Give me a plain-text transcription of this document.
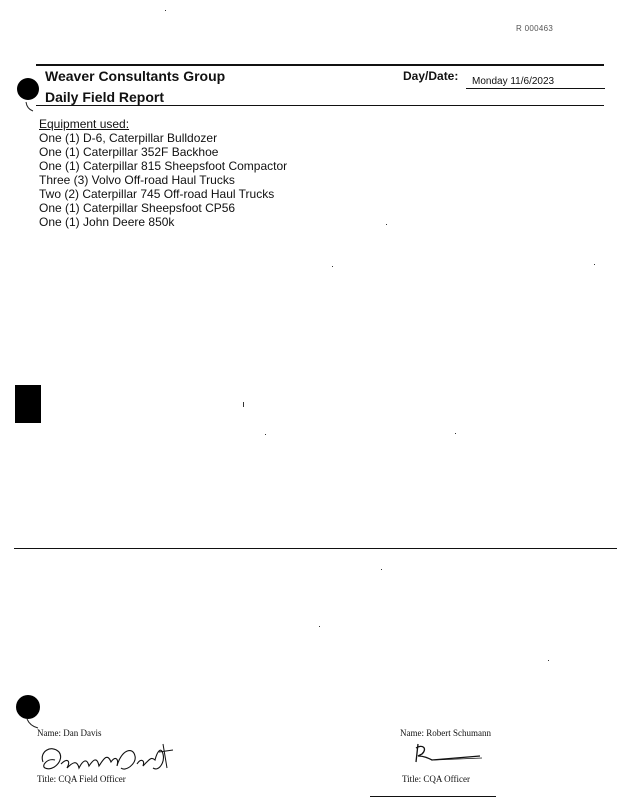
R 000463
Weaver Consultants Group
Daily Field Report
Day/Date: Monday 11/6/2023
Equipment used:
One (1) D-6, Caterpillar Bulldozer
One (1) Caterpillar 352F Backhoe
One (1) Caterpillar 815 Sheepsfoot Compactor
Three (3) Volvo Off-road Haul Trucks
Two (2) Caterpillar 745 Off-road Haul Trucks
One (1) Caterpillar Sheepsfoot CP56
One (1) John Deere 850k
Name: Dan Davis
Title: CQA Field Officer
Name: Robert Schumann
Title: CQA Officer
